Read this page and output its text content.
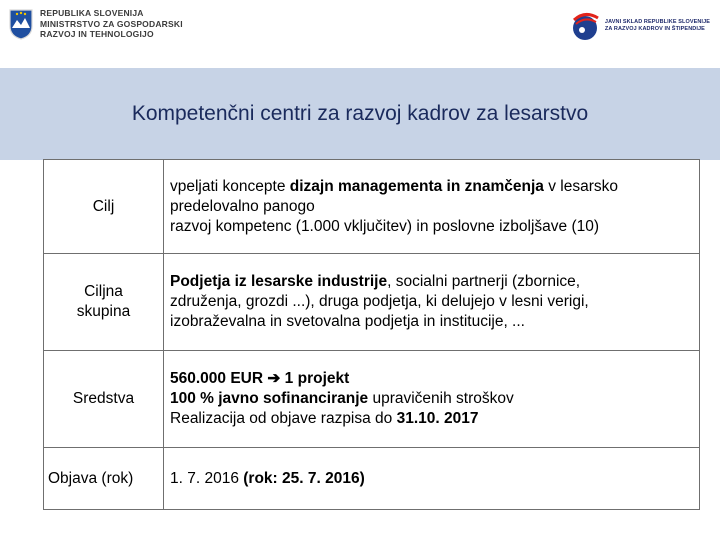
REPUBLIKA SLOVENIJA
MINISTRSTVO ZA GOSPODARSKI
RAZVOJ IN TEHNOLOGIJO
JAVNI SKLAD REPUBLIKE SLOVENIJE
ZA RAZVOJ KADROV IN ŠTIPENDIJE
Kompetenčni centri za razvoj kadrov za lesarstvo
Cilj	vpeljati koncepte dizajn managementa in znamčenja v lesarsko
predelovalno panogo
razvoj kompetenc (1.000 vključitev) in poslovne izboljšave (10)

Ciljna
skupina	Podjetja iz lesarske industrije, socialni partnerji (zbornice,
združenja, grozdi ...), druga podjetja, ki delujejo v lesni verigi,
izobraževalna in svetovalna podjetja in institucije, ...

Sredstva	560.000 EUR ➔ 1 projekt
100 % javno sofinanciranje upravičenih stroškov
Realizacija od objave razpisa do 31.10. 2017

Objava (rok)	1. 7. 2016 (rok: 25. 7. 2016)
